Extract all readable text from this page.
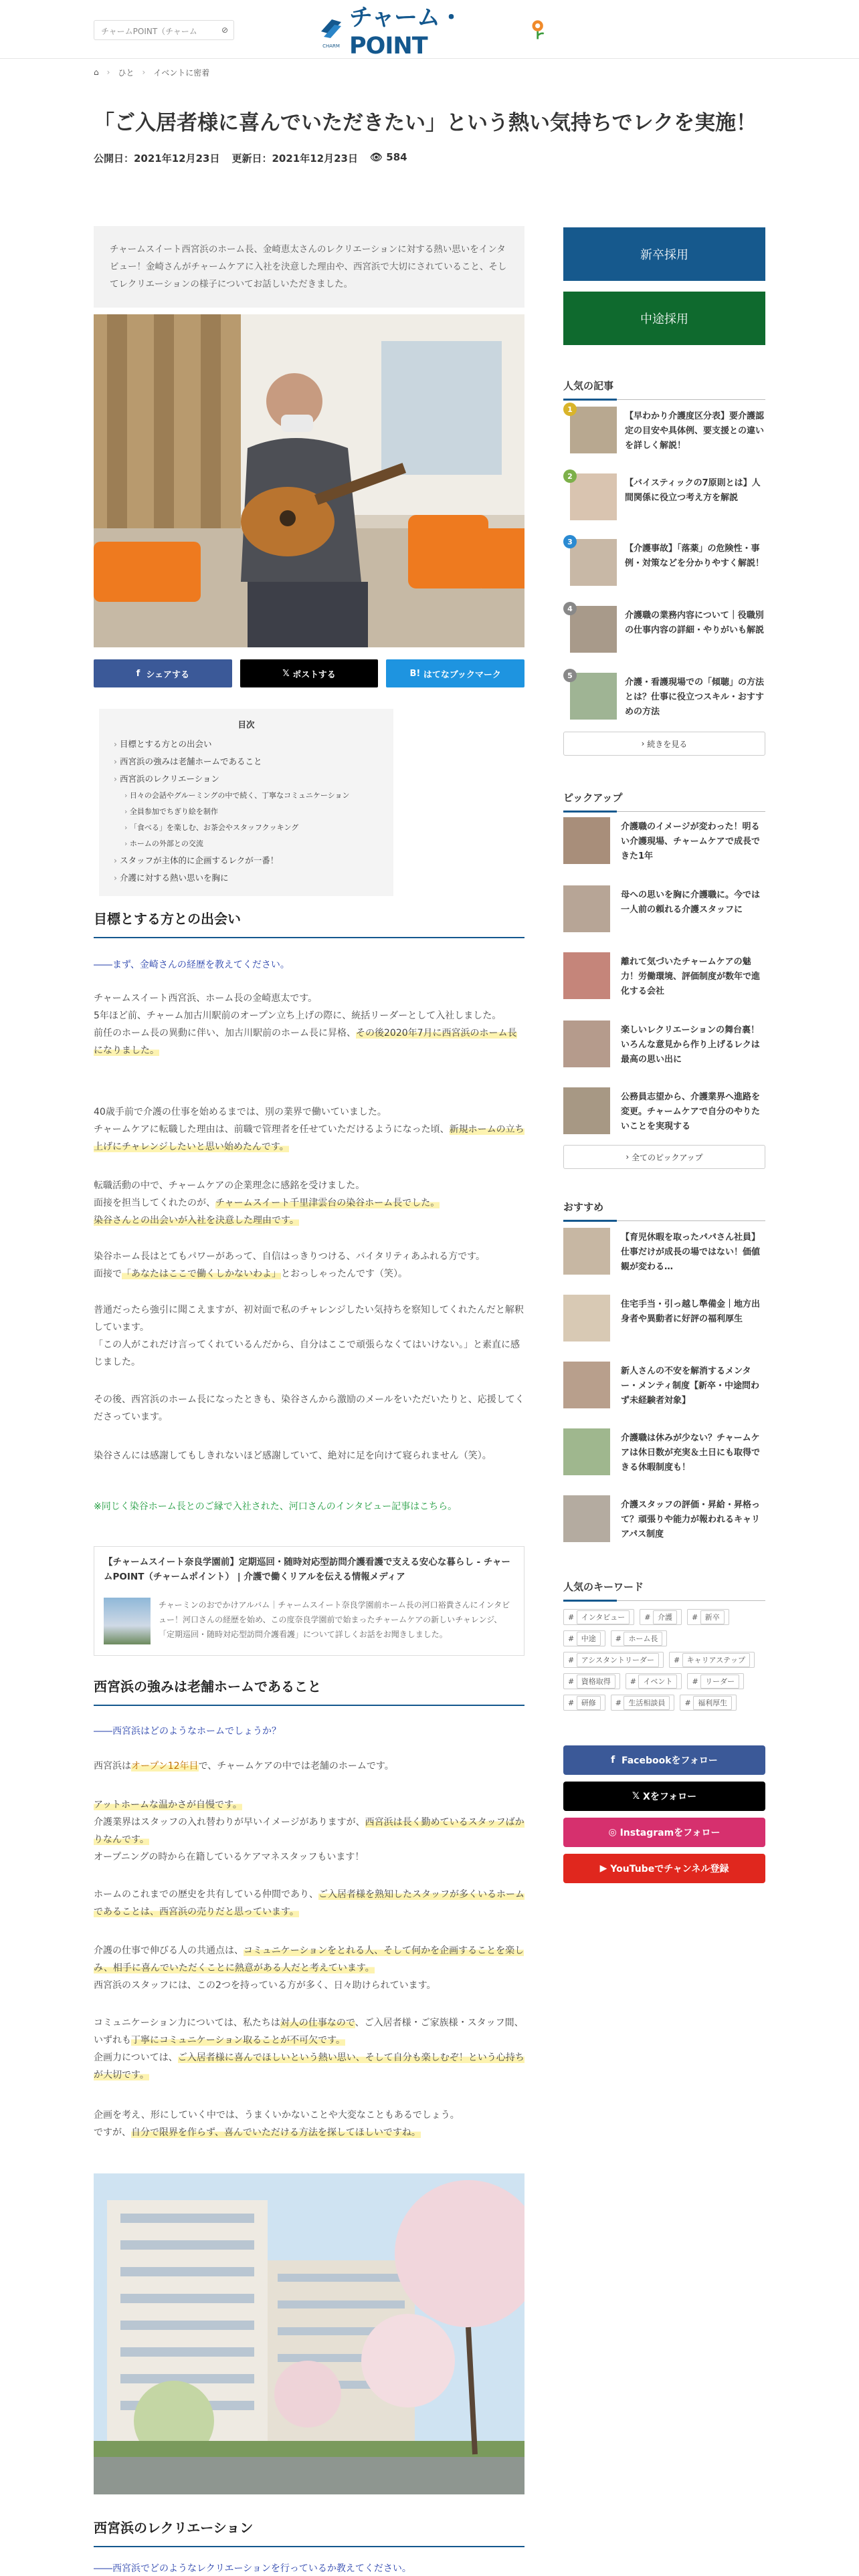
チャームPOINT（チャーム	⊘
CHARM
チャーム・POINT
⌂ › ひと › イベントに密着
「ご入居者様に喜んでいただきたい」という熱い気持ちでレクを実施！
公開日：2021年12月23日 更新日：2021年12月23日 👁 584
チャームスイート西宮浜のホーム長、金崎恵太さんのレクリエーションに対する熱い思いをインタビュー！金崎さんがチャームケアに入社を決意した理由や、西宮浜で大切にされていること、そしてレクリエーションの様子についてお話しいただきました。
f シェアする	𝕏 ポストする	B! はてなブックマーク
目次
› 目標とする方との出会い
› 西宮浜の強みは老舗ホームであること
› 西宮浜のレクリエーション
› 日々の会話やグルーミングの中で続く、丁寧なコミュニケーション
› 全員参加でちぎり絵を制作
› 「食べる」を楽しむ、お茶会やスタッフクッキング
› ホームの外部との交流
› スタッフが主体的に企画するレクが一番！
› 介護に対する熱い思いを胸に
目標とする方との出会い
――まず、金崎さんの経歴を教えてください。
チャームスイート西宮浜、ホーム長の金崎恵太です。
5年ほど前、チャーム加古川駅前のオープン立ち上げの際に、統括リーダーとして入社しました。
前任のホーム長の異動に伴い、加古川駅前のホーム長に昇格、その後2020年7月に西宮浜のホーム長になりました。
40歳手前で介護の仕事を始めるまでは、別の業界で働いていました。
チャームケアに転職した理由は、前職で管理者を任せていただけるようになった頃、新規ホームの立ち上げにチャレンジしたいと思い始めたんです。
転職活動の中で、チャームケアの企業理念に感銘を受けました。
面接を担当してくれたのが、チャームスイート千里津雲台の染谷ホーム長でした。
染谷さんとの出会いが入社を決意した理由です。
染谷ホーム長はとてもパワーがあって、自信はっきりつける、バイタリティあふれる方です。
面接で「あなたはここで働くしかないわよ」とおっしゃったんです（笑）。
普通だったら強引に聞こえますが、初対面で私のチャレンジしたい気持ちを察知してくれたんだと解釈しています。
「この人がこれだけ言ってくれているんだから、自分はここで頑張らなくてはいけない。」と素直に感じました。
その後、西宮浜のホーム長になったときも、染谷さんから激励のメールをいただいたりと、応援してくださっています。
染谷さんには感謝してもしきれないほど感謝していて、絶対に足を向けて寝られません（笑）。
※同じく染谷ホーム長とのご縁で入社された、河口さんのインタビュー記事はこちら。
【チャームスイート奈良学園前】定期巡回・随時対応型訪問介護看護で支える安心な暮らし - チャームPOINT（チャームポイント） | 介護で働くリアルを伝える情報メディア
チャーミンのおでかけアルバム｜チャームスイート奈良学園前ホーム長の河口裕貴さんにインタビュー！河口さんの経歴を始め、この度奈良学園前で始まったチャームケアの新しいチャレンジ、「定期巡回・随時対応型訪問介護看護」について詳しくお話をお聞きしました。
西宮浜の強みは老舗ホームであること
――西宮浜はどのようなホームでしょうか？
西宮浜はオープン12年目で、チャームケアの中では老舗のホームです。
アットホームな温かさが自慢です。
介護業界はスタッフの入れ替わりが早いイメージがありますが、西宮浜は長く勤めているスタッフばかりなんです。
オープニングの時から在籍しているケアマネスタッフもいます！
ホームのこれまでの歴史を共有している仲間であり、ご入居者様を熟知したスタッフが多くいるホームであることは、西宮浜の売りだと思っています。
介護の仕事で伸びる人の共通点は、コミュニケーションをとれる人、そして何かを企画することを楽しみ、相手に喜んでいただくことに熱意がある人だと考えています。
西宮浜のスタッフには、この2つを持っている方が多く、日々助けられています。
コミュニケーション力については、私たちは対人の仕事なので、ご入居者様・ご家族様・スタッフ間、いずれも丁寧にコミュニケーション取ることが不可欠です。
企画力については、ご入居者様に喜んでほしいという熱い思い、そして自分も楽しむぞ！という心持ちが大切です。
企画を考え、形にしていく中では、うまくいかないことや大変なこともあるでしょう。
ですが、自分で限界を作らず、喜んでいただける方法を探してほしいですね。
西宮浜のレクリエーション
――西宮浜でどのようなレクリエーションを行っているか教えてください。
新卒採用
中途採用
人気の記事
1
【早わかり介護度区分表】要介護認定の目安や具体例、要支援との違いを詳しく解説！
2
【バイスティックの7原則とは】人間関係に役立つ考え方を解説
3
【介護事故】「落薬」の危険性・事例・対策などを分かりやすく解説！
4
介護職の業務内容について｜役職別の仕事内容の詳細・やりがいも解説
5
介護・看護現場での「傾聴」の方法とは？仕事に役立つスキル・おすすめの方法
› 続きを見る
ピックアップ
介護職のイメージが変わった！明るい介護現場、チャームケアで成長できた1年
母への思いを胸に介護職に。今では一人前の頼れる介護スタッフに
離れて気づいたチャームケアの魅力！労働環境、評価制度が数年で進化する会社
楽しいレクリエーションの舞台裏！いろんな意見から作り上げるレクは最高の思い出に
公務員志望から、介護業界へ進路を変更。チャームケアで自分のやりたいことを実現する
› 全てのピックアップ
おすすめ
【育児休暇を取ったパパさん社員】仕事だけが成長の場ではない！価値観が変わる…
住宅手当・引っ越し準備金｜地方出身者や異動者に好評の福利厚生
新人さんの不安を解消するメンター・メンティ制度【新卒・中途問わず未経験者対象】
介護職は休みが少ない？チャームケアは休日数が充実＆土日にも取得できる休暇制度も！
介護スタッフの評価・昇給・昇格って？頑張りや能力が報われるキャリアパス制度
人気のキーワード
# インタビュー	# 介護	# 新卒
# 中途	# ホーム長
# アシスタントリーダー	# キャリアステップ
# 資格取得	# イベント	# リーダー
# 研修	# 生活相談員	# 福利厚生
f Facebookをフォロー
𝕏 Xをフォロー
◎ Instagramをフォロー
▶ YouTubeでチャンネル登録
